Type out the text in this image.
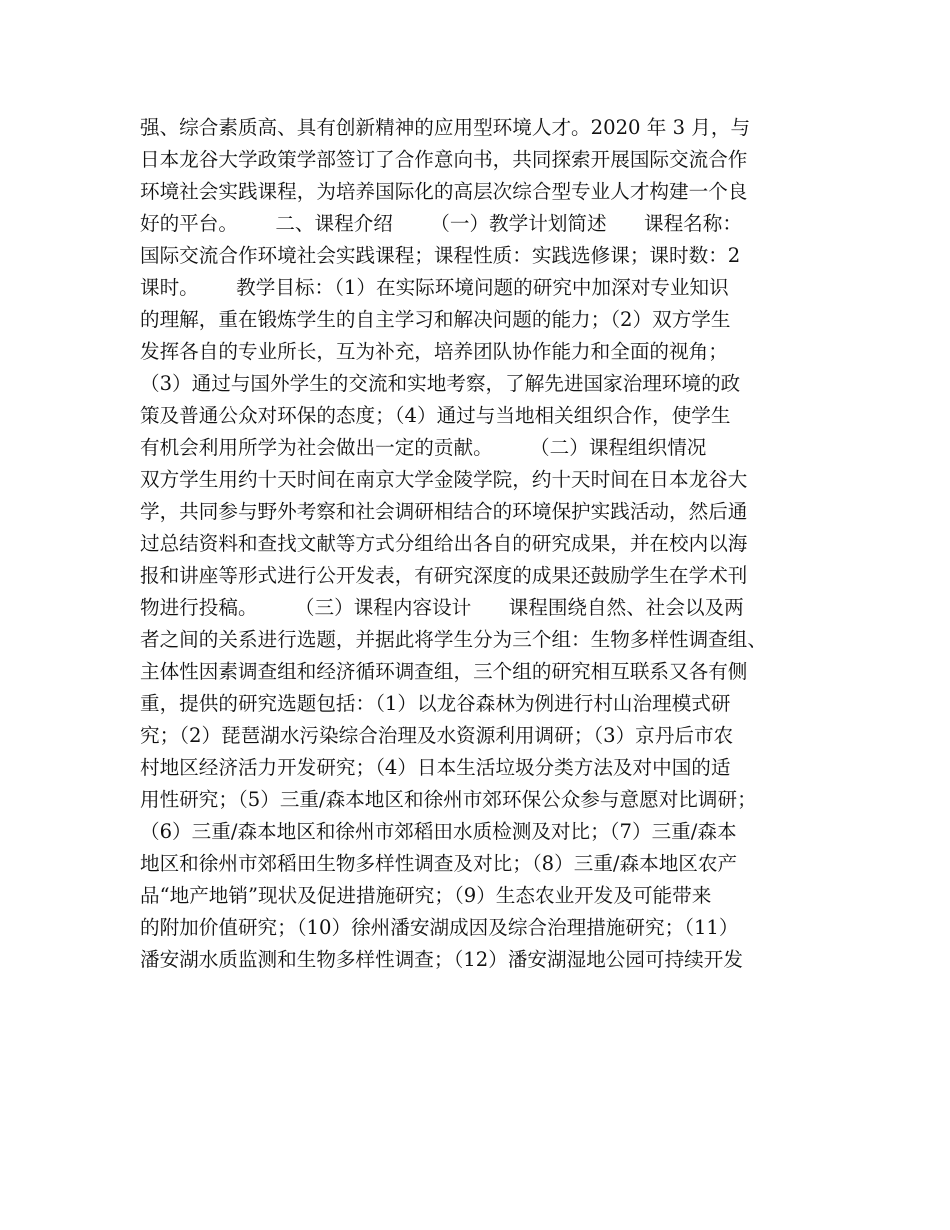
强、综合素质高、具有创新精神的应用型环境人才。2020 年 3 月，与
日本龙谷大学政策学部签订了合作意向书，共同探索开展国际交流合作
环境社会实践课程，为培养国际化的高层次综合型专业人才构建一个良
好的平台。      二、课程介绍      （一）教学计划简述      课程名称：
国际交流合作环境社会实践课程；课程性质：实践选修课；课时数：2
课时。      教学目标：（1）在实际环境问题的研究中加深对专业知识
的理解，重在锻炼学生的自主学习和解决问题的能力；（2）双方学生
发挥各自的专业所长，互为补充，培养团队协作能力和全面的视角；
（3）通过与国外学生的交流和实地考察，了解先进国家治理环境的政
策及普通公众对环保的态度；（4）通过与当地相关组织合作，使学生
有机会利用所学为社会做出一定的贡献。      （二）课程组织情况
双方学生用约十天时间在南京大学金陵学院，约十天时间在日本龙谷大
学，共同参与野外考察和社会调研相结合的环境保护实践活动，然后通
过总结资料和查找文献等方式分组给出各自的研究成果，并在校内以海
报和讲座等形式进行公开发表，有研究深度的成果还鼓励学生在学术刊
物进行投稿。      （三）课程内容设计      课程围绕自然、社会以及两
者之间的关系进行选题，并据此将学生分为三个组：生物多样性调查组、
主体性因素调查组和经济循环调查组，三个组的研究相互联系又各有侧
重，提供的研究选题包括：（1）以龙谷森林为例进行村山治理模式研
究；（2）琵琶湖水污染综合治理及水资源利用调研；（3）京丹后市农
村地区经济活力开发研究；（4）日本生活垃圾分类方法及对中国的适
用性研究；（5）三重/森本地区和徐州市郊环保公众参与意愿对比调研；
（6）三重/森本地区和徐州市郊稻田水质检测及对比；（7）三重/森本
地区和徐州市郊稻田生物多样性调查及对比；（8）三重/森本地区农产
品“地产地销”现状及促进措施研究；（9）生态农业开发及可能带来
的附加价值研究；（10）徐州潘安湖成因及综合治理措施研究；（11）
潘安湖水质监测和生物多样性调查；（12）潘安湖湿地公园可持续开发
